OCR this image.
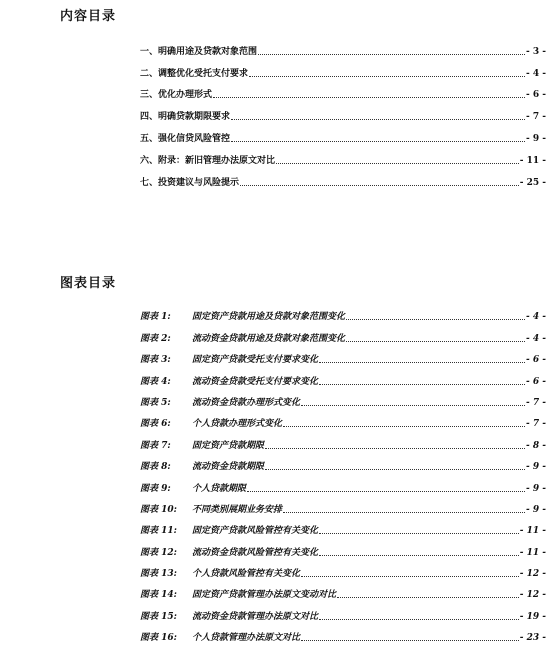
内容目录
一、明确用途及贷款对象范围	- 3 -
二、调整优化受托支付要求	- 4 -
三、优化办理形式	- 6 -
四、明确贷款期限要求	- 7 -
五、强化信贷风险管控	- 9 -
六、附录：新旧管理办法原文对比	- 11 -
七、投资建议与风险提示	- 25 -
图表目录
图表 1: 固定资产贷款用途及贷款对象范围变化	- 4 -
图表 2: 流动资金贷款用途及贷款对象范围变化	- 4 -
图表 3: 固定资产贷款受托支付要求变化	- 6 -
图表 4: 流动资金贷款受托支付要求变化	- 6 -
图表 5: 流动资金贷款办理形式变化	- 7 -
图表 6: 个人贷款办理形式变化	- 7 -
图表 7: 固定资产贷款期限	- 8 -
图表 8: 流动资金贷款期限	- 9 -
图表 9: 个人贷款期限	- 9 -
图表 10: 不同类别展期业务安排	- 9 -
图表 11: 固定资产贷款风险管控有关变化	- 11 -
图表 12: 流动资金贷款风险管控有关变化	- 11 -
图表 13: 个人贷款风险管控有关变化	- 12 -
图表 14: 固定资产贷款管理办法原文变动对比	- 12 -
图表 15: 流动资金贷款管理办法原文对比	- 19 -
图表 16: 个人贷款管理办法原文对比	- 23 -
